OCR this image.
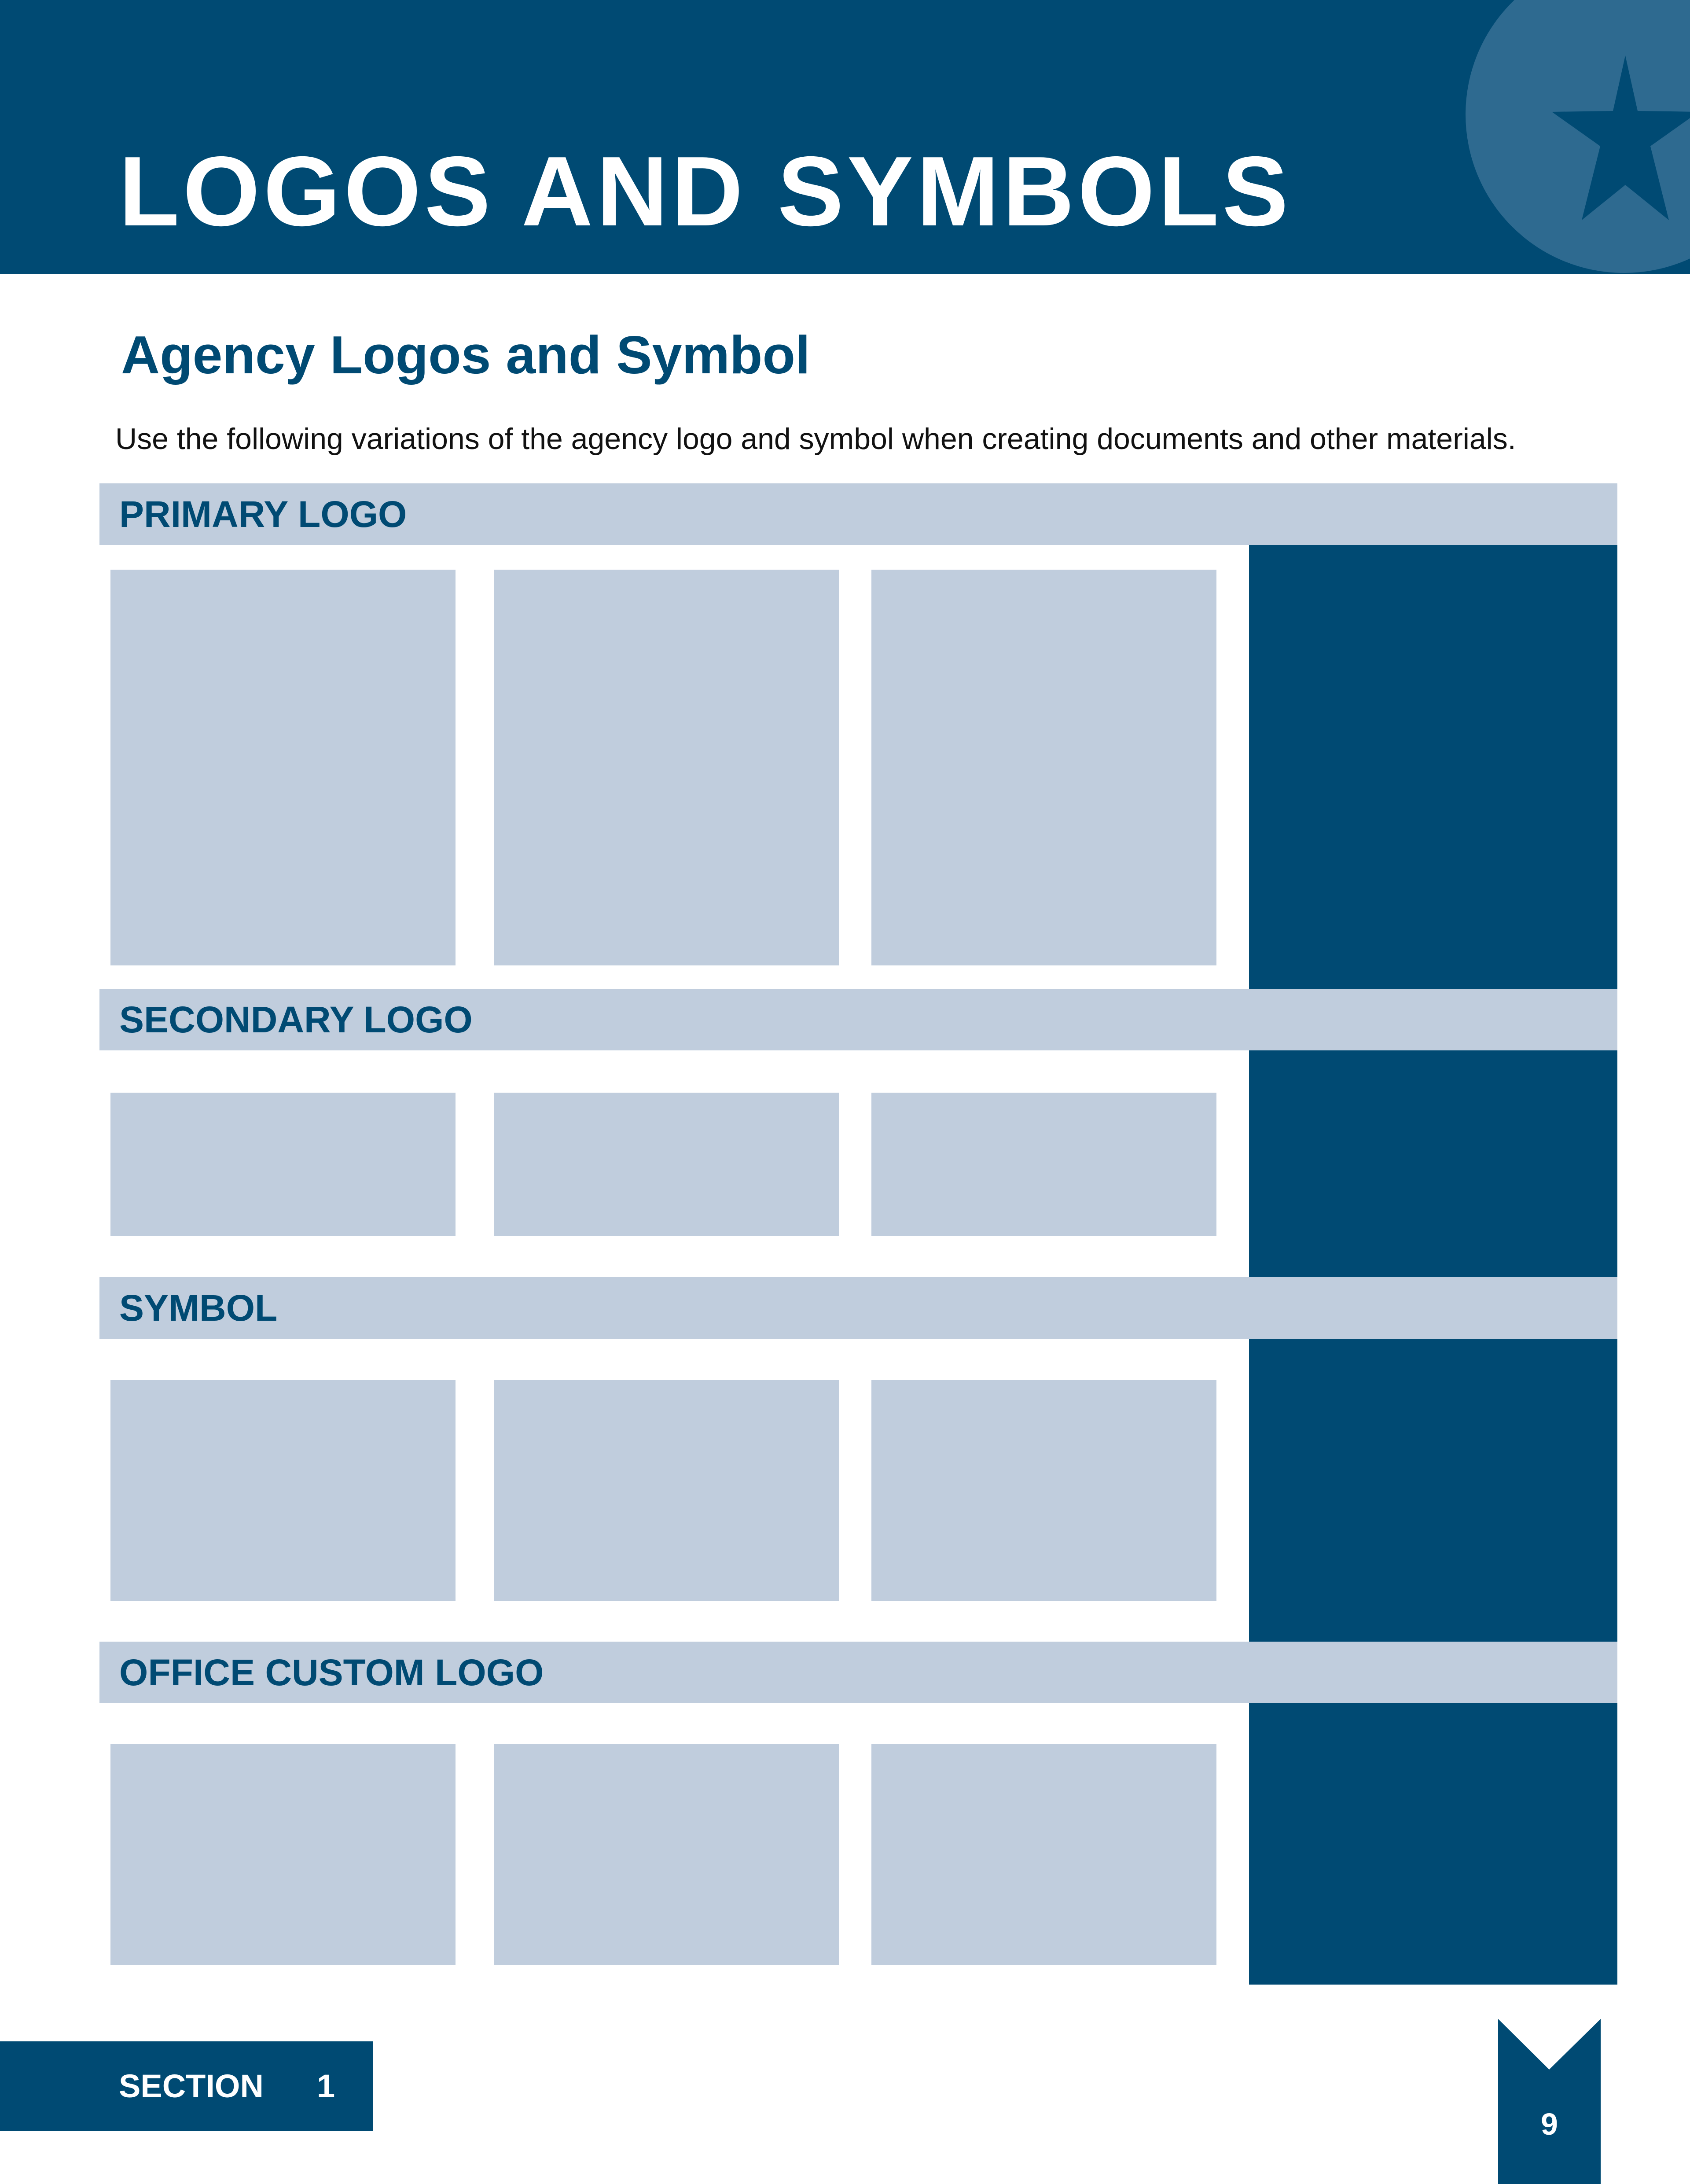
LOGOS AND SYMBOLS
Agency Logos and Symbol

Use the following variations of the agency logo and symbol when creating documents and other materials.

PRIMARY LOGO
SECONDARY LOGO
SYMBOL
OFFICE CUSTOM LOGO
SECTION 1
9
